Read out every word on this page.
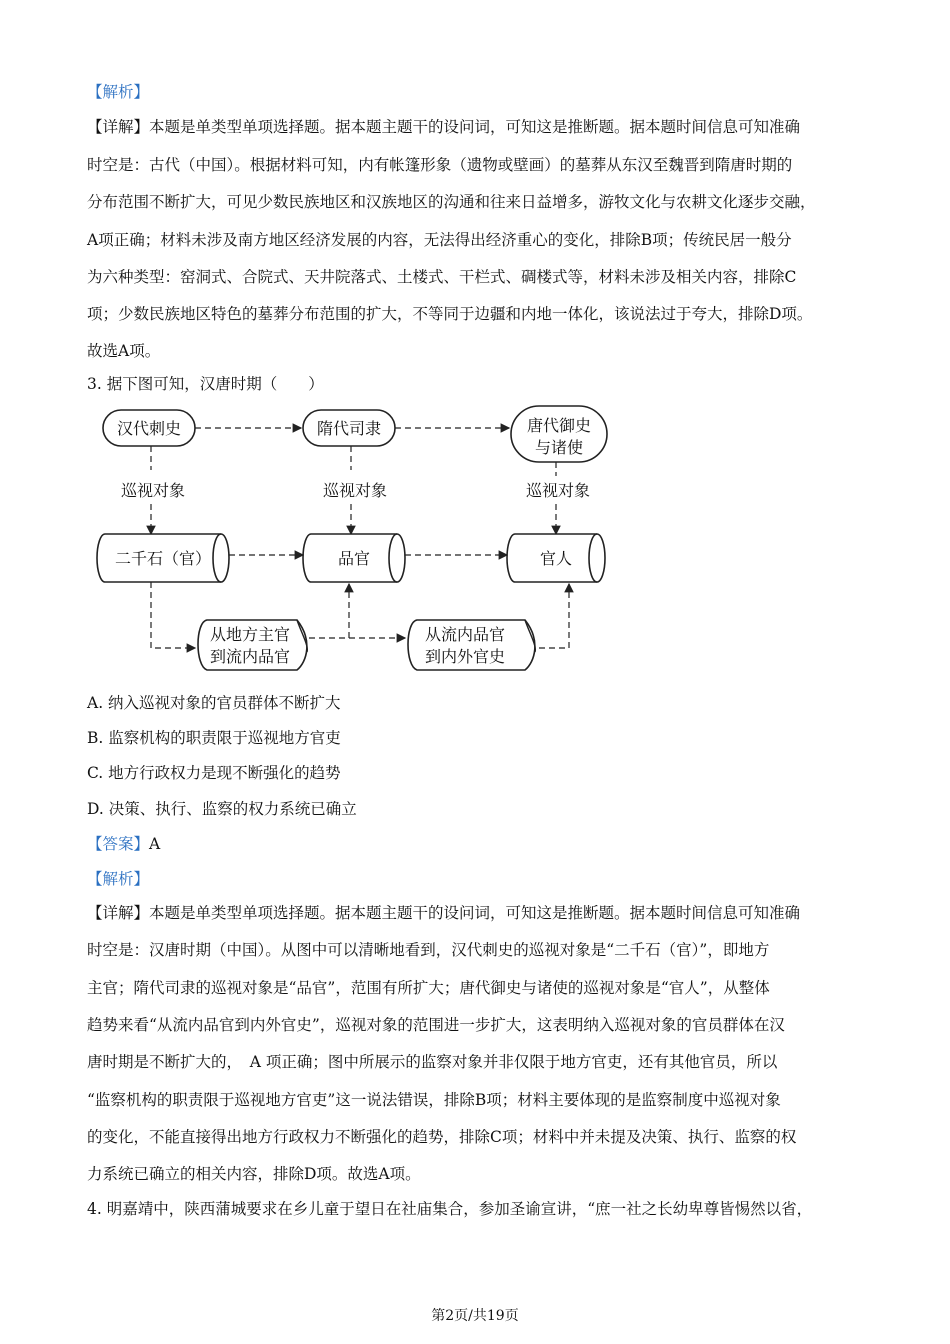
【解析】
【详解】本题是单类型单项选择题。据本题主题干的设问词，可知这是推断题。据本题时间信息可知准确
时空是：古代（中国）。根据材料可知，内有帐篷形象（遗物或壁画）的墓葬从东汉至魏晋到隋唐时期的
分布范围不断扩大，可见少数民族地区和汉族地区的沟通和往来日益增多，游牧文化与农耕文化逐步交融，
A项正确；材料未涉及南方地区经济发展的内容，无法得出经济重心的变化，排除B项；传统民居一般分
为六种类型：窑洞式、合院式、天井院落式、土楼式、干栏式、碉楼式等，材料未涉及相关内容，排除C
项；少数民族地区特色的墓葬分布范围的扩大，不等同于边疆和内地一体化，该说法过于夸大，排除D项。
故选A项。
3. 据下图可知，汉唐时期（　　）
汉代刺史	隋代司隶	唐代御史
与诸使
巡视对象	巡视对象	巡视对象
二千石（官）	品官	官人
从地方主官
到流内品官
从流内品官
到内外官史
A. 纳入巡视对象的官员群体不断扩大
B. 监察机构的职责限于巡视地方官吏
C. 地方行政权力是现不断强化的趋势
D. 决策、执行、监察的权力系统已确立
【答案】A
【解析】
【详解】本题是单类型单项选择题。据本题主题干的设问词，可知这是推断题。据本题时间信息可知准确
时空是：汉唐时期（中国）。从图中可以清晰地看到，汉代刺史的巡视对象是“二千石（官）”，即地方
主官；隋代司隶的巡视对象是“品官”，范围有所扩大；唐代御史与诸使的巡视对象是“官人”，从整体
趋势来看“从流内品官到内外官史”，巡视对象的范围进一步扩大，这表明纳入巡视对象的官员群体在汉
唐时期是不断扩大的，　A 项正确；图中所展示的监察对象并非仅限于地方官吏，还有其他官员，所以
“监察机构的职责限于巡视地方官吏”这一说法错误，排除B项；材料主要体现的是监察制度中巡视对象
的变化，不能直接得出地方行政权力不断强化的趋势，排除C项；材料中并未提及决策、执行、监察的权
力系统已确立的相关内容，排除D项。故选A项。
4. 明嘉靖中，陕西蒲城要求在乡儿童于望日在社庙集合，参加圣谕宣讲，“庶一社之长幼卑尊皆惕然以省，
第2页/共19页
